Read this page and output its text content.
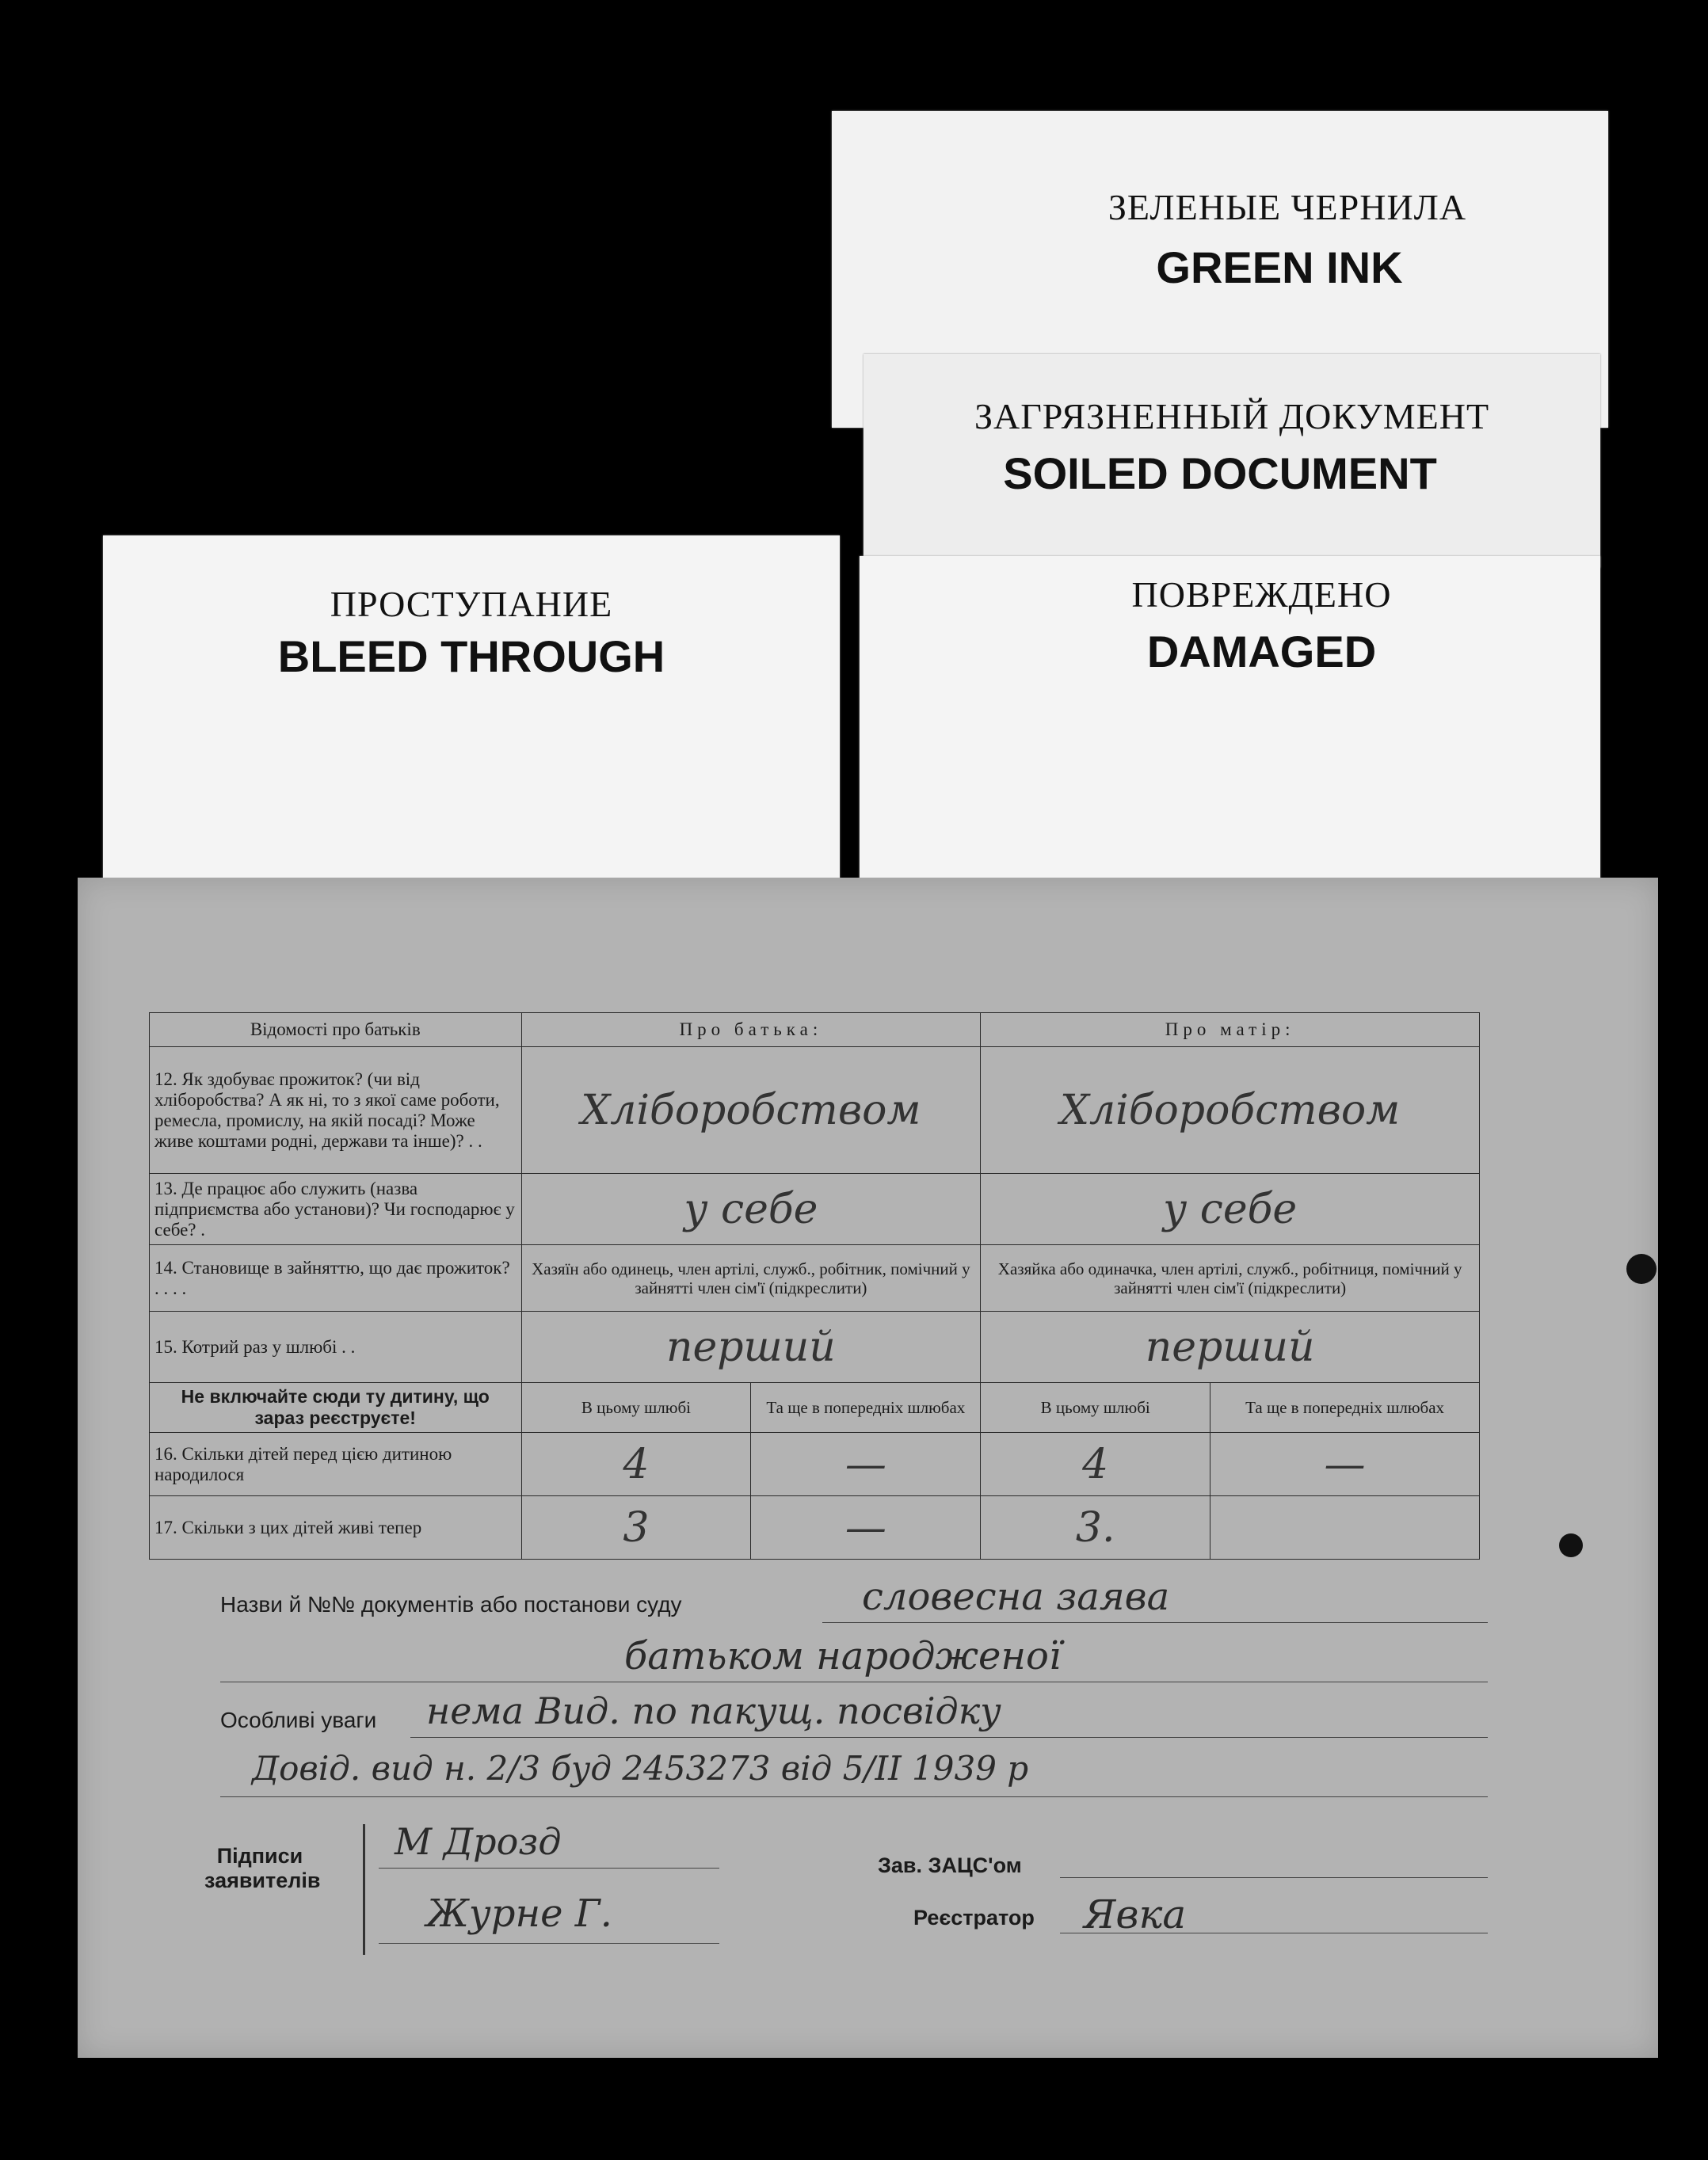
ЗЕЛЕНЫЕ ЧЕРНИЛА
GREEN INK
ЗАГРЯЗНЕННЫЙ ДОКУМЕНТ
SOILED DOCUMENT
ПРОСТУПАНИЕ
BLEED THROUGH
ПОВРЕЖДЕНО
DAMAGED
Відомості про батьків	Про батька:		Про матір:	
12. Як здобуває прожиток? (чи від хліборобства? А як ні, то з якої саме роботи, ремесла, промислу, на якій посаді? Може живе коштами родні, держави та інше)? . .	Хліборобством		Хліборобством	
13. Де працює або служить (назва підприємства або установи)? Чи господарює у себе? .	у себе		у себе	
14. Становище в зайняттю, що дає прожиток? . . . .	Хазяїн або одинець, член артілі, служб., робітник, помічний у зайнятті член сім'ї (підкреслити)		Хазяйка або одиначка, член артілі, служб., робітниця, помічний у зайнятті член сім'ї (підкреслити)	
15. Котрий раз у шлюбі . .	перший		перший	
Не включайте сюди ту дитину, що зараз реєструєте!	В цьому шлюбі	Та ще в попередніх шлюбах	В цьому шлюбі	Та ще в попередніх шлюбах
16. Скільки дітей перед цією дитиною народилося	4	—	4	—
17. Скільки з цих дітей живі тепер	3	—	3.	
Назви й №№ документів або постанови суду	словесна заява
батьком народженої
Особливі уваги нема Вид. по пакущ. посвідку
Довід. вид н. 2/3 буд 2453273 від 5/ІІ 1939 р
Підписи заявителів
М Дрозд
Журне Г.
Зав. ЗАЦС'ом
Реєстратор Явка
